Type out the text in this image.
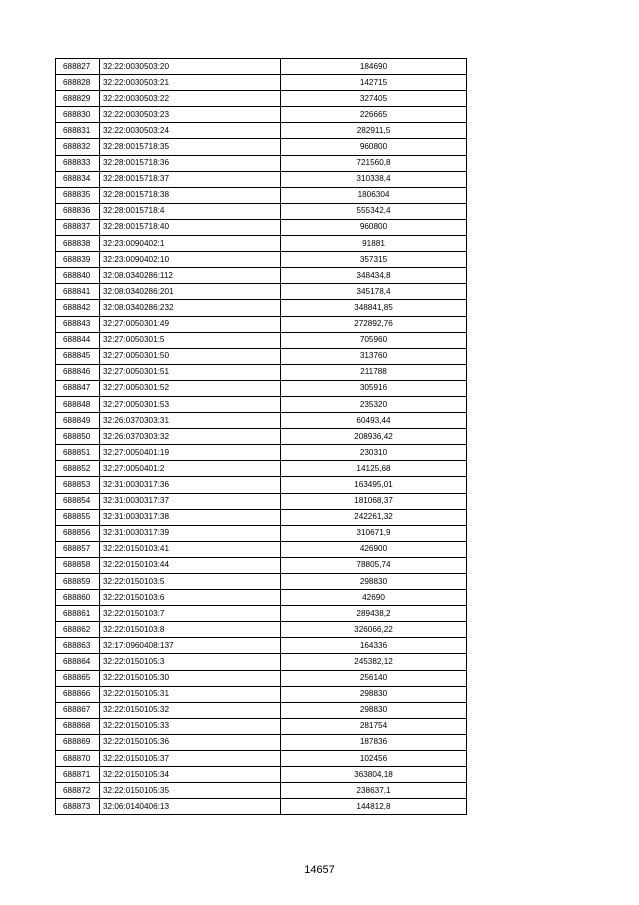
688827	32:22:0030503:20	184690
688828	32:22:0030503:21	142715
688829	32:22:0030503:22	327405
688830	32:22:0030503:23	226665
688831	32:22:0030503:24	282911,5
688832	32:28:0015718:35	960800
688833	32:28:0015718:36	721560,8
688834	32:28:0015718:37	310338,4
688835	32:28:0015718:38	1806304
688836	32:28:0015718:4	555342,4
688837	32:28:0015718:40	960800
688838	32:23:0090402:1	91881
688839	32:23:0090402:10	357315
688840	32:08:0340286:112	348434,8
688841	32:08:0340286:201	345178,4
688842	32:08:0340286:232	348841,85
688843	32:27:0050301:49	272892,76
688844	32:27:0050301:5	705960
688845	32:27:0050301:50	313760
688846	32:27:0050301:51	211788
688847	32:27:0050301:52	305916
688848	32:27:0050301:53	235320
688849	32:26:0370303:31	60493,44
688850	32:26:0370303:32	208936,42
688851	32:27:0050401:19	230310
688852	32:27:0050401:2	14125,68
688853	32:31:0030317:36	163495,01
688854	32:31:0030317:37	181068,37
688855	32:31:0030317:38	242261,32
688856	32:31:0030317:39	310671,9
688857	32:22:0150103:41	426900
688858	32:22:0150103:44	78805,74
688859	32:22:0150103:5	298830
688860	32:22:0150103:6	42690
688861	32:22:0150103:7	289438,2
688862	32:22:0150103:8	326066,22
688863	32:17:0960408:137	164336
688864	32:22:0150105:3	245382,12
688865	32:22:0150105:30	256140
688866	32:22:0150105:31	298830
688867	32:22:0150105:32	298830
688868	32:22:0150105:33	281754
688869	32:22:0150105:36	187836
688870	32:22:0150105:37	102456
688871	32:22:0150105:34	363804,18
688872	32:22:0150105:35	238637,1
688873	32:06:0140406:13	144812,8
14657
